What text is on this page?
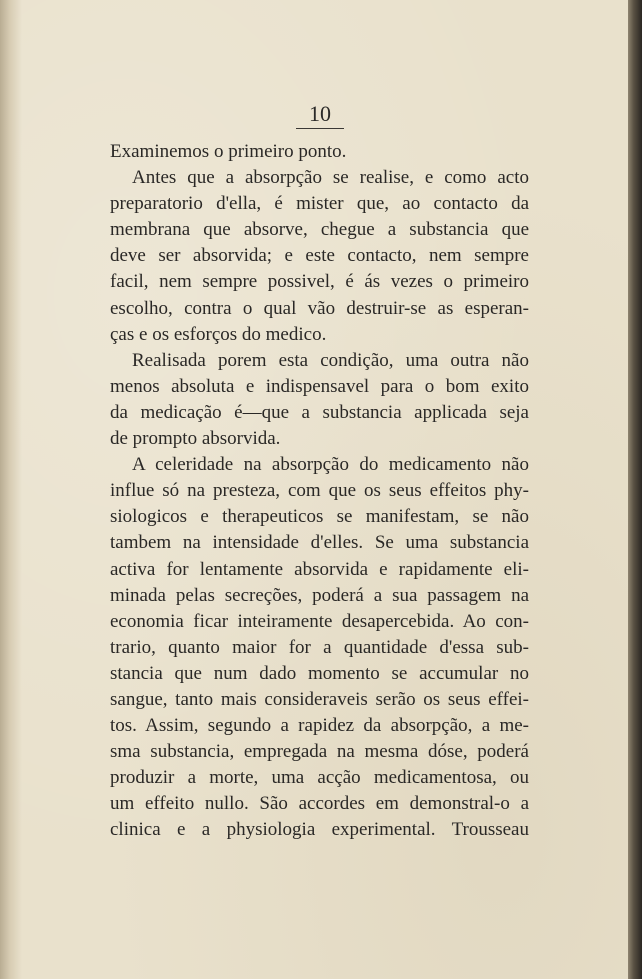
10
Examinemos o primeiro ponto.
Antes que a absorpção se realise, e como acto
preparatorio d'ella, é mister que, ao contacto da
membrana que absorve, chegue a substancia que
deve ser absorvida; e este contacto, nem sempre
facil, nem sempre possivel, é ás vezes o primeiro
escolho, contra o qual vão destruir-se as esperan-
ças e os esforços do medico.
Realisada porem esta condição, uma outra não
menos absoluta e indispensavel para o bom exito
da medicação é—que a substancia applicada seja
de prompto absorvida.
A celeridade na absorpção do medicamento não
influe só na presteza, com que os seus effeitos phy-
siologicos e therapeuticos se manifestam, se não
tambem na intensidade d'elles. Se uma substancia
activa for lentamente absorvida e rapidamente eli-
minada pelas secreções, poderá a sua passagem na
economia ficar inteiramente desapercebida. Ao con-
trario, quanto maior for a quantidade d'essa sub-
stancia que num dado momento se accumular no
sangue, tanto mais consideraveis serão os seus effei-
tos. Assim, segundo a rapidez da absorpção, a me-
sma substancia, empregada na mesma dóse, poderá
produzir a morte, uma acção medicamentosa, ou
um effeito nullo. São accordes em demonstral-o a
clinica e a physiologia experimental. Trousseau
